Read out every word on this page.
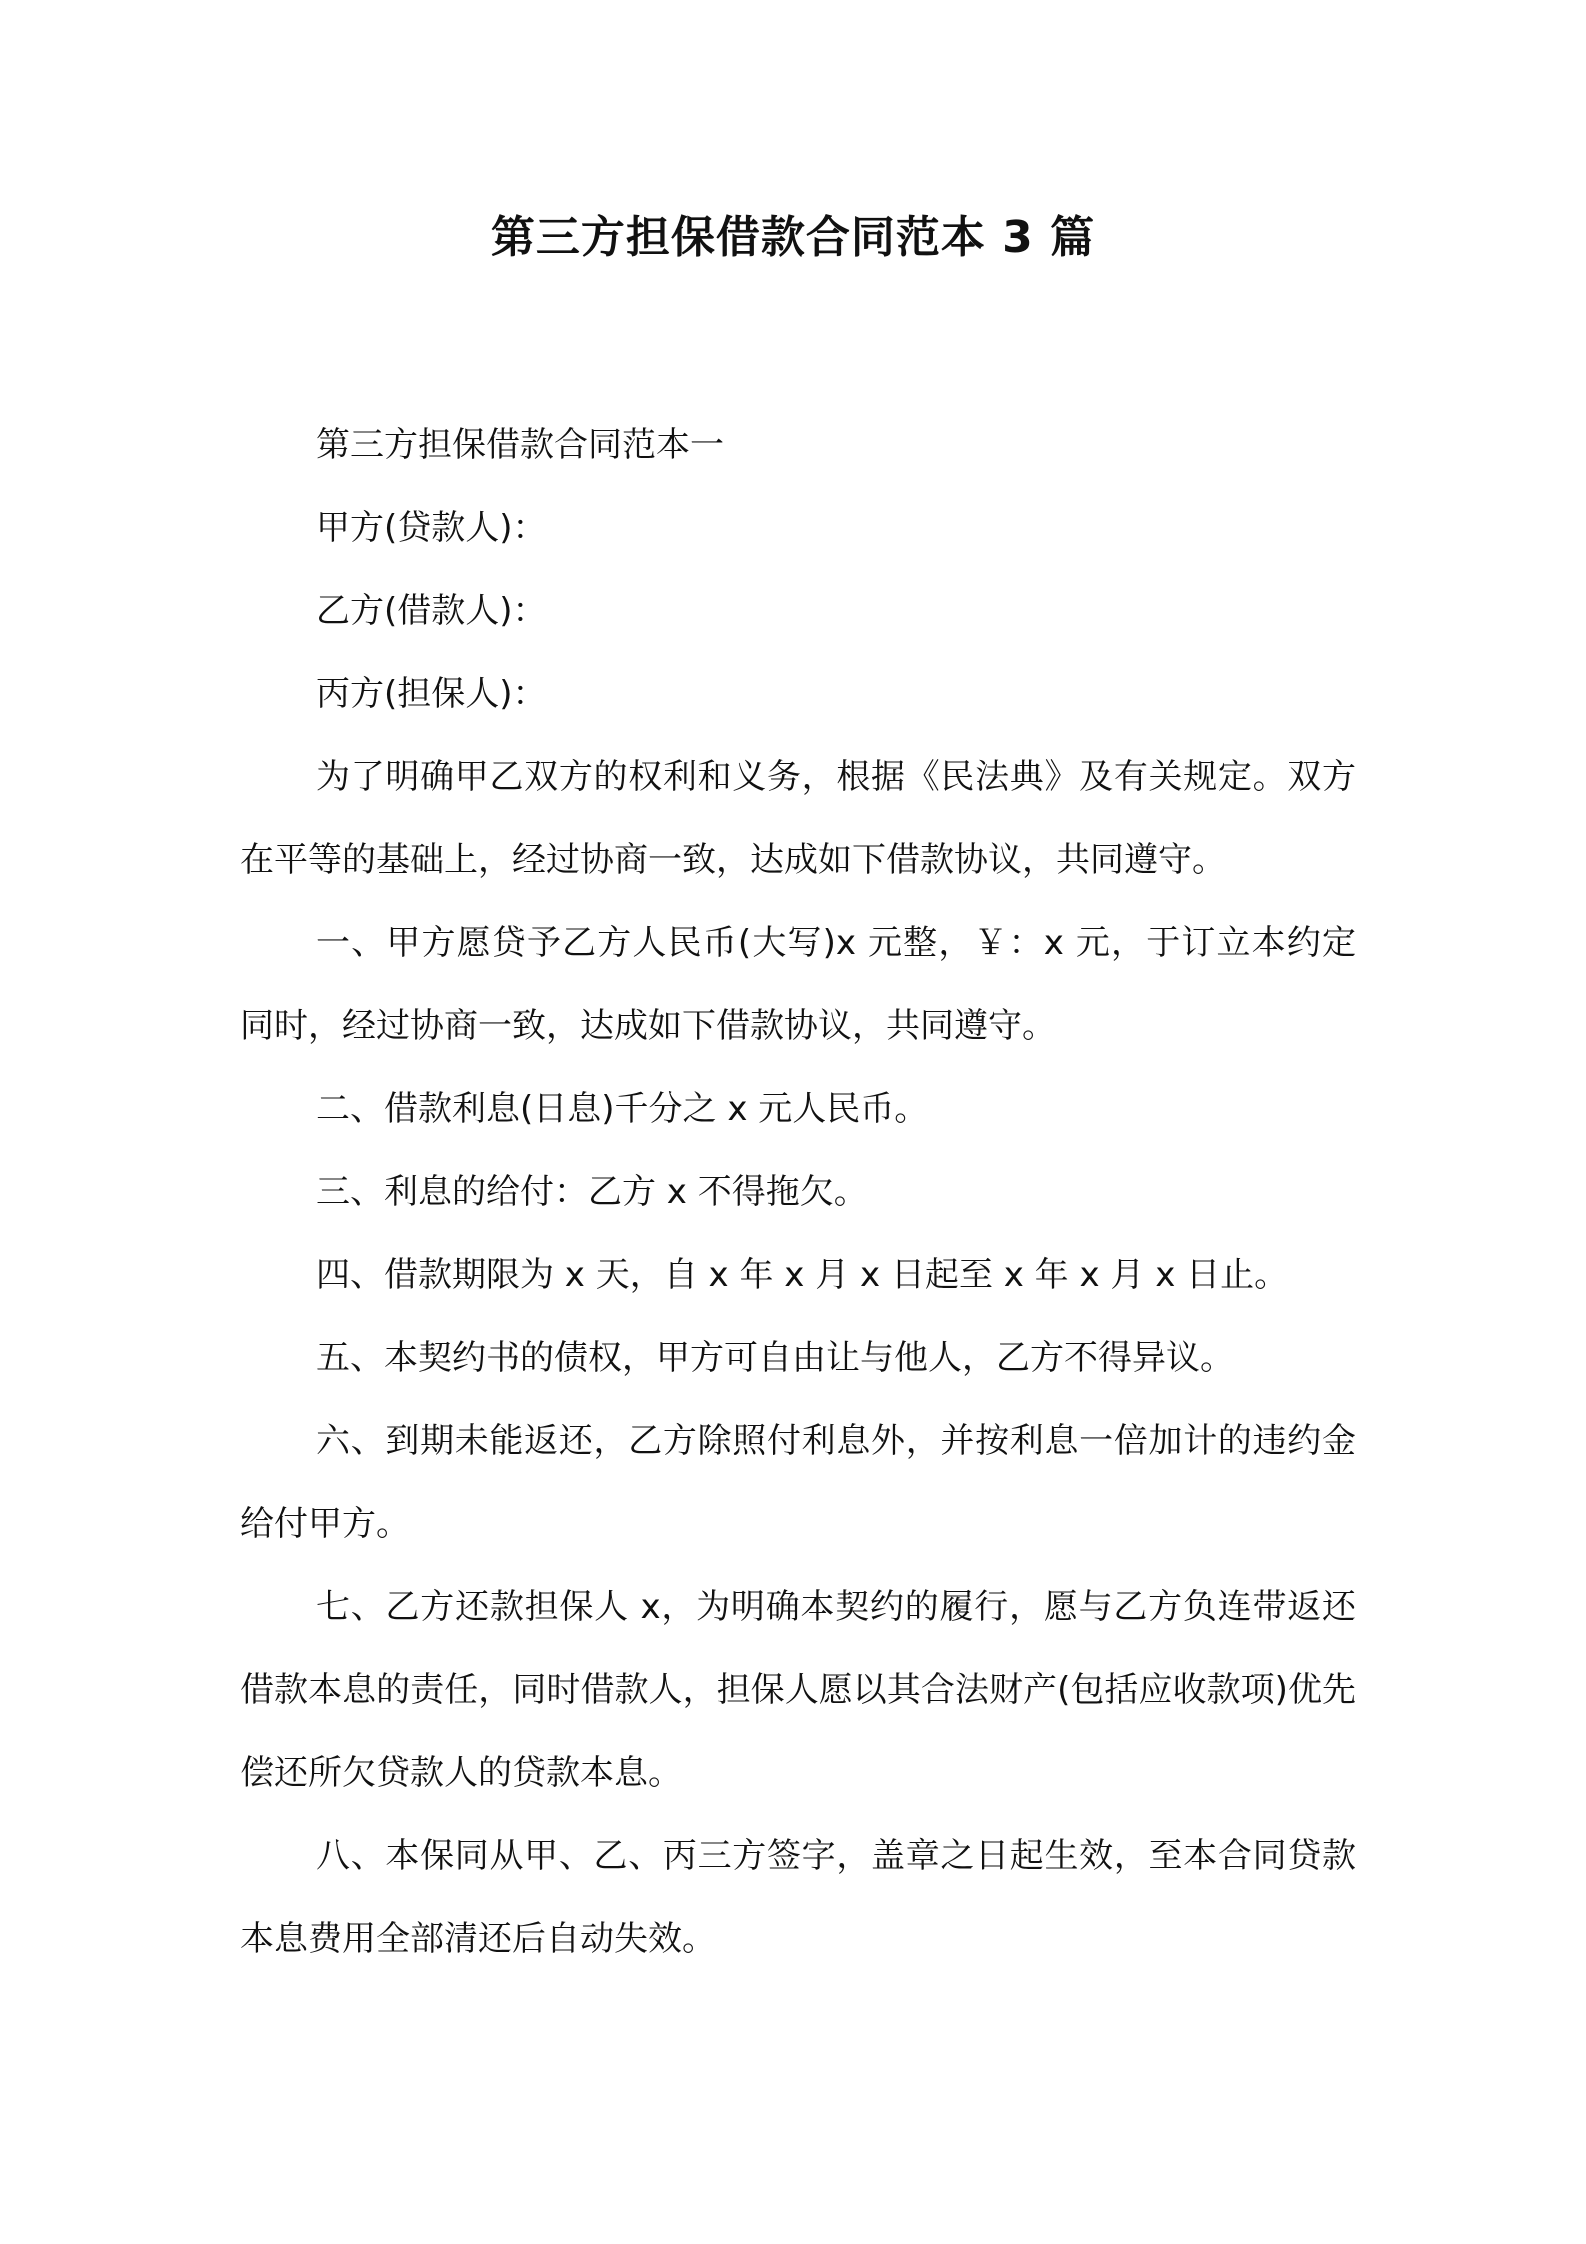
第三方担保借款合同范本 3 篇

第三方担保借款合同范本一

甲方(贷款人)：

乙方(借款人)：

丙方(担保人)：

为了明确甲乙双方的权利和义务，根据《民法典》及有关规定。双方在平等的基础上，经过协商一致，达成如下借款协议，共同遵守。

一、甲方愿贷予乙方人民币(大写)x 元整，￥：x 元，于订立本约定同时，经过协商一致，达成如下借款协议，共同遵守。

二、借款利息(日息)千分之 x 元人民币。

三、利息的给付：乙方 x 不得拖欠。

四、借款期限为 x 天，自 x 年 x 月 x 日起至 x 年 x 月 x 日止。

五、本契约书的债权，甲方可自由让与他人，乙方不得异议。

六、到期未能返还，乙方除照付利息外，并按利息一倍加计的违约金给付甲方。

七、乙方还款担保人 x，为明确本契约的履行，愿与乙方负连带返还借款本息的责任，同时借款人，担保人愿以其合法财产(包括应收款项)优先偿还所欠贷款人的贷款本息。

八、本保同从甲、乙、丙三方签字，盖章之日起生效，至本合同贷款本息费用全部清还后自动失效。
